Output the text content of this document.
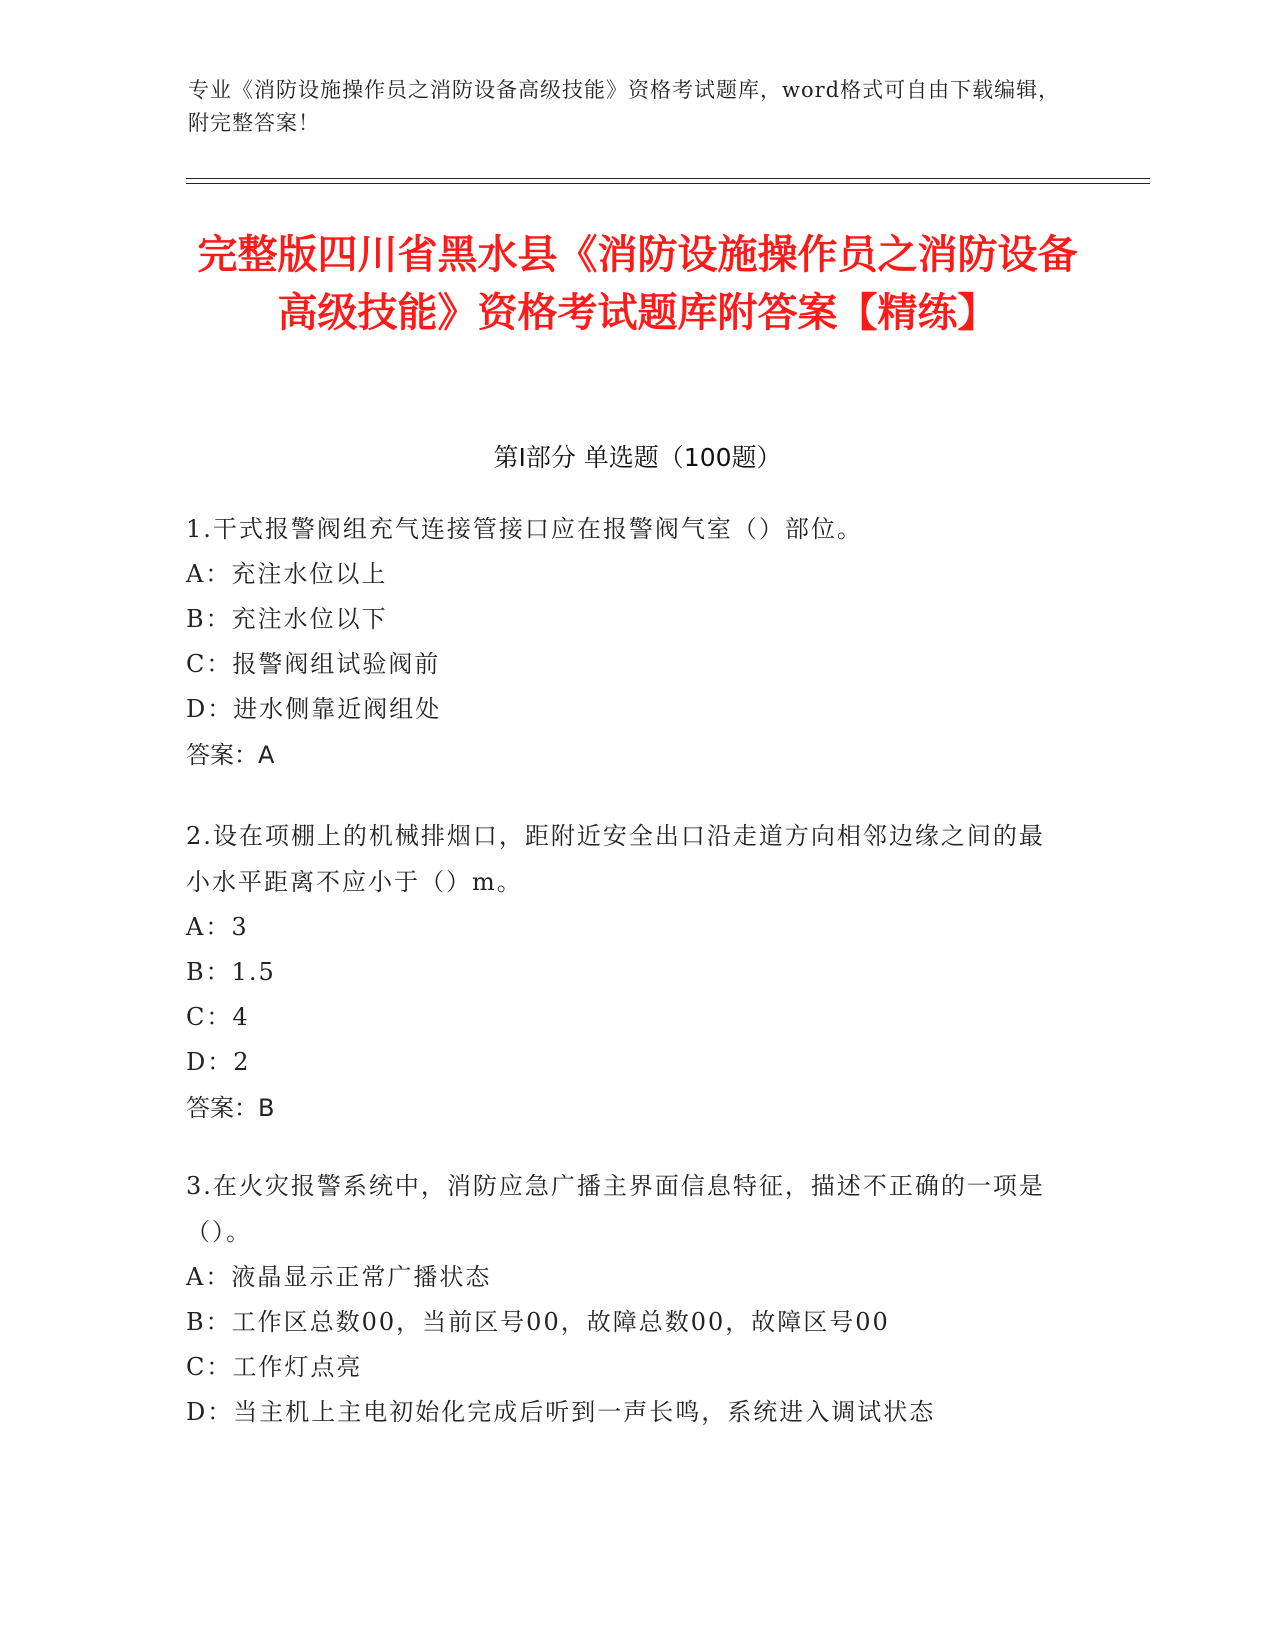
专业《消防设施操作员之消防设备高级技能》资格考试题库，word格式可自由下载编辑，附完整答案！
完整版四川省黑水县《消防设施操作员之消防设备高级技能》资格考试题库附答案【精练】
第I部分 单选题（100题）
1.干式报警阀组充气连接管接口应在报警阀气室（）部位。
A：充注水位以上
B：充注水位以下
C：报警阀组试验阀前
D：进水侧靠近阀组处
答案：A
2.设在项棚上的机械排烟口，距附近安全出口沿走道方向相邻边缘之间的最小水平距离不应小于（）m。
A：3
B：1.5
C：4
D：2
答案：B
3.在火灾报警系统中，消防应急广播主界面信息特征，描述不正确的一项是（）。
A：液晶显示正常广播状态
B：工作区总数00，当前区号00，故障总数00，故障区号00
C：工作灯点亮
D：当主机上主电初始化完成后听到一声长鸣，系统进入调试状态
